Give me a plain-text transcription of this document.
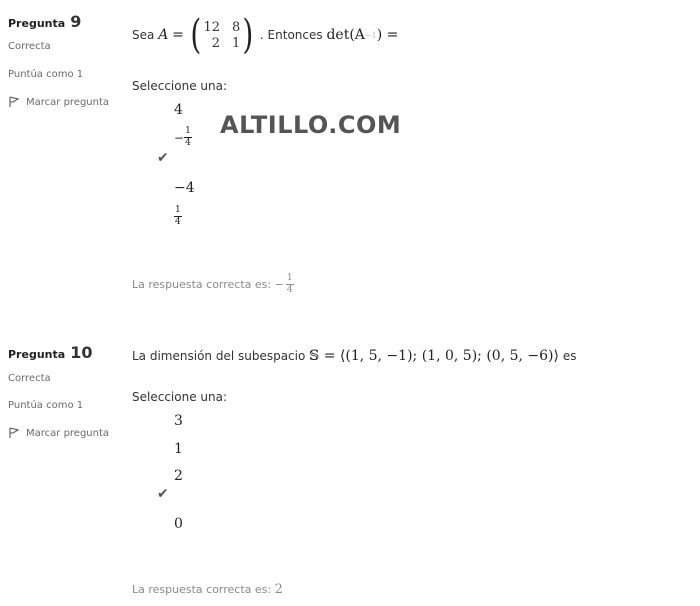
Pregunta 9
Correcta
Puntúa como 1
Marcar pregunta
Sea
A
= ( 12 8
2 1 ) . Entonces
det(A −1 ) =
Seleccione una:
4
− $\frac{1}{4}$
✔
−4
$\frac{1}{4}$
ALTILLO.COM
La respuesta correcta es:
− $\frac{1}{4}$
Pregunta 10
Correcta
Puntúa como 1
Marcar pregunta
La dimensión del subespacio
𝕊 = ⟨(1, 5, −1); (1, 0, 5); (0, 5, −6)⟩
es
Seleccione una:
3
1
2
✔
0
La respuesta correcta es:
2
